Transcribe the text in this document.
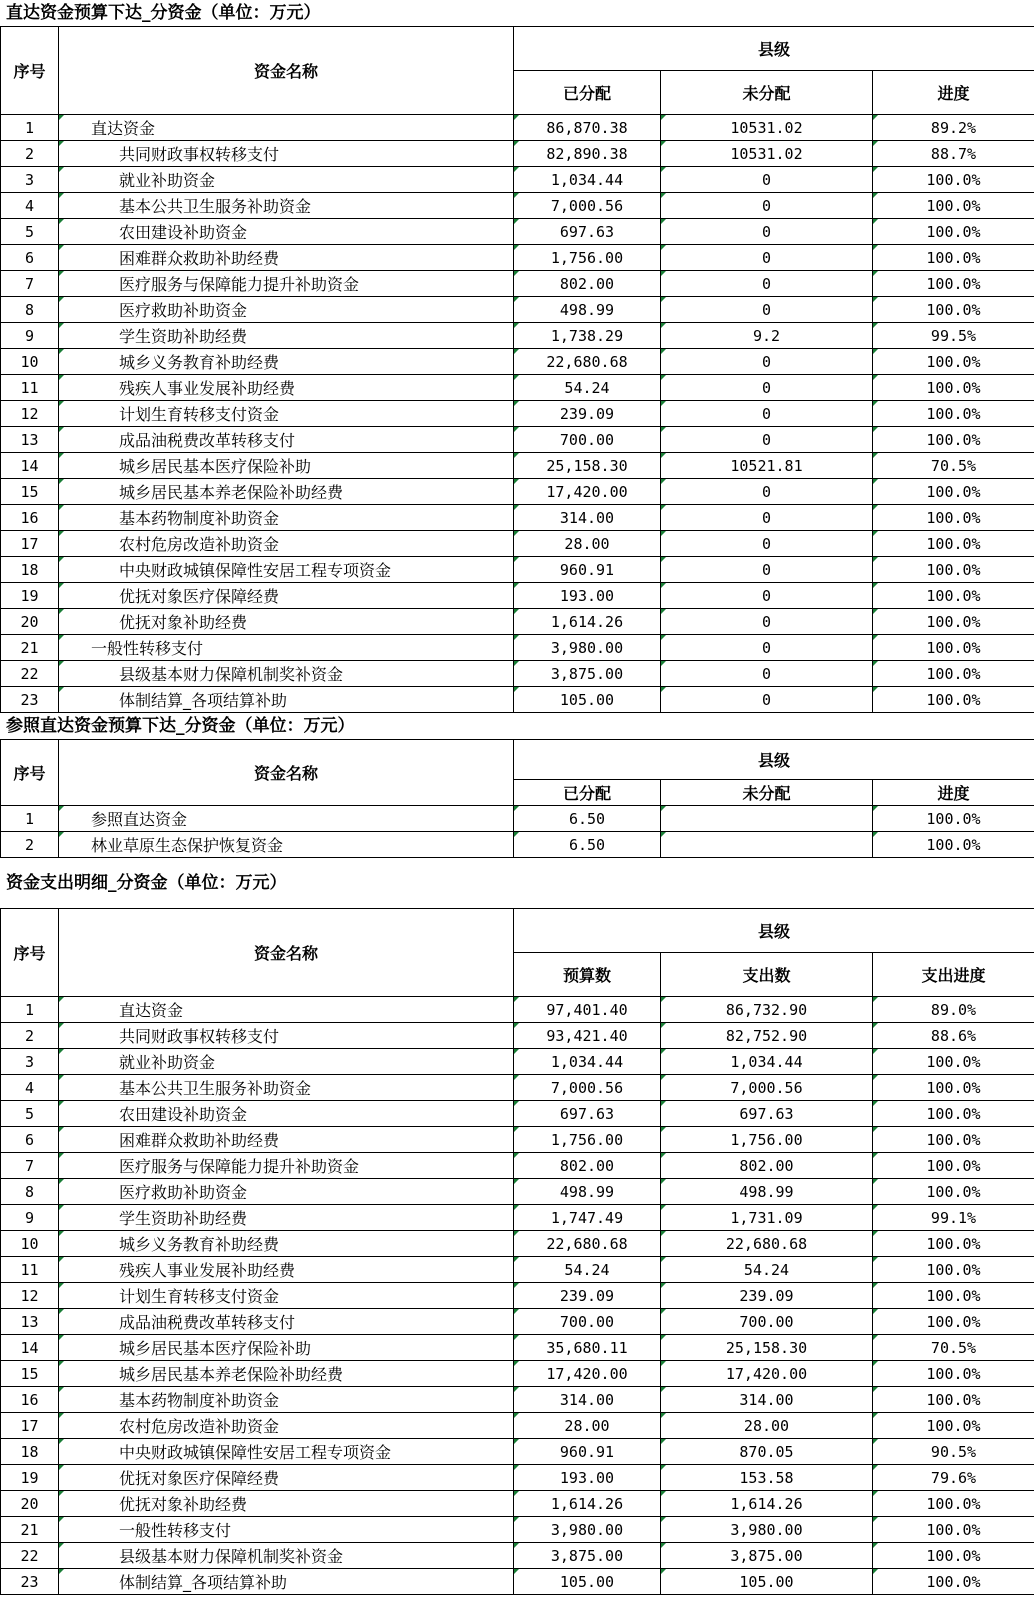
直达资金预算下达_分资金（单位：万元）
序号	资金名称	县级		
		已分配	未分配	进度
1	直达资金	86,870.38	10531.02	89.2%
2	共同财政事权转移支付	82,890.38	10531.02	88.7%
3	就业补助资金	1,034.44	0	100.0%
4	基本公共卫生服务补助资金	7,000.56	0	100.0%
5	农田建设补助资金	697.63	0	100.0%
6	困难群众救助补助经费	1,756.00	0	100.0%
7	医疗服务与保障能力提升补助资金	802.00	0	100.0%
8	医疗救助补助资金	498.99	0	100.0%
9	学生资助补助经费	1,738.29	9.2	99.5%
10	城乡义务教育补助经费	22,680.68	0	100.0%
11	残疾人事业发展补助经费	54.24	0	100.0%
12	计划生育转移支付资金	239.09	0	100.0%
13	成品油税费改革转移支付	700.00	0	100.0%
14	城乡居民基本医疗保险补助	25,158.30	10521.81	70.5%
15	城乡居民基本养老保险补助经费	17,420.00	0	100.0%
16	基本药物制度补助资金	314.00	0	100.0%
17	农村危房改造补助资金	28.00	0	100.0%
18	中央财政城镇保障性安居工程专项资金	960.91	0	100.0%
19	优抚对象医疗保障经费	193.00	0	100.0%
20	优抚对象补助经费	1,614.26	0	100.0%
21	一般性转移支付	3,980.00	0	100.0%
22	县级基本财力保障机制奖补资金	3,875.00	0	100.0%
23	体制结算_各项结算补助	105.00	0	100.0%
参照直达资金预算下达_分资金（单位：万元）
序号	资金名称	县级		
		已分配	未分配	进度
1	参照直达资金	6.50		100.0%
2	林业草原生态保护恢复资金	6.50		100.0%
资金支出明细_分资金（单位：万元）
序号	资金名称	县级		
		预算数	支出数	支出进度
1	直达资金	97,401.40	86,732.90	89.0%
2	共同财政事权转移支付	93,421.40	82,752.90	88.6%
3	就业补助资金	1,034.44	1,034.44	100.0%
4	基本公共卫生服务补助资金	7,000.56	7,000.56	100.0%
5	农田建设补助资金	697.63	697.63	100.0%
6	困难群众救助补助经费	1,756.00	1,756.00	100.0%
7	医疗服务与保障能力提升补助资金	802.00	802.00	100.0%
8	医疗救助补助资金	498.99	498.99	100.0%
9	学生资助补助经费	1,747.49	1,731.09	99.1%
10	城乡义务教育补助经费	22,680.68	22,680.68	100.0%
11	残疾人事业发展补助经费	54.24	54.24	100.0%
12	计划生育转移支付资金	239.09	239.09	100.0%
13	成品油税费改革转移支付	700.00	700.00	100.0%
14	城乡居民基本医疗保险补助	35,680.11	25,158.30	70.5%
15	城乡居民基本养老保险补助经费	17,420.00	17,420.00	100.0%
16	基本药物制度补助资金	314.00	314.00	100.0%
17	农村危房改造补助资金	28.00	28.00	100.0%
18	中央财政城镇保障性安居工程专项资金	960.91	870.05	90.5%
19	优抚对象医疗保障经费	193.00	153.58	79.6%
20	优抚对象补助经费	1,614.26	1,614.26	100.0%
21	一般性转移支付	3,980.00	3,980.00	100.0%
22	县级基本财力保障机制奖补资金	3,875.00	3,875.00	100.0%
23	体制结算_各项结算补助	105.00	105.00	100.0%
